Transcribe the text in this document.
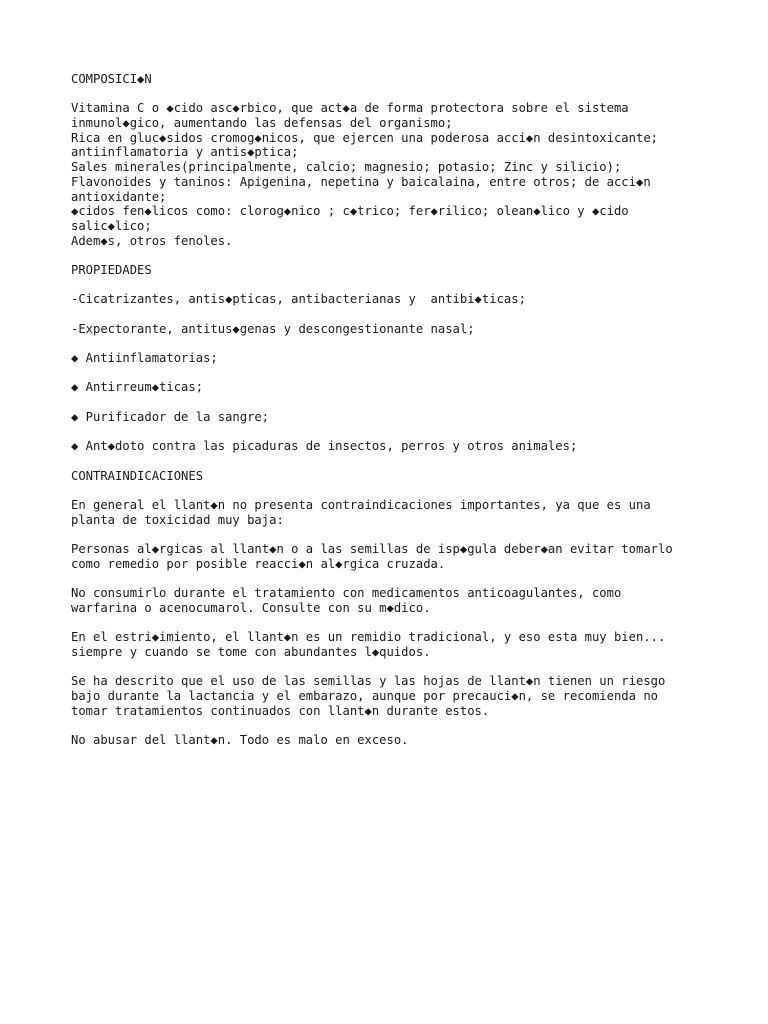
COMPOSICI◆N
Vitamina C o ◆cido asc◆rbico, que act◆a de forma protectora sobre el sistema
inmunol◆gico, aumentando las defensas del organismo;
Rica en gluc◆sidos cromog◆nicos, que ejercen una poderosa acci◆n desintoxicante;
antiinflamatoria y antis◆ptica;
Sales minerales(principalmente, calcio; magnesio; potasio; Zinc y silicio);
Flavonoides y taninos: Apigenina, nepetina y baicalaina, entre otros; de acci◆n
antioxidante;
◆cidos fen◆licos como: clorog◆nico ; c◆trico; fer◆rilico; olean◆lico y ◆cido
salic◆lico;
Adem◆s, otros fenoles.
PROPIEDADES
-Cicatrizantes, antis◆pticas, antibacterianas y  antibi◆ticas;
-Expectorante, antitus◆genas y descongestionante nasal;
◆ Antiinflamatorias;
◆ Antirreum◆ticas;
◆ Purificador de la sangre;
◆ Ant◆doto contra las picaduras de insectos, perros y otros animales;
CONTRAINDICACIONES
En general el llant◆n no presenta contraindicaciones importantes, ya que es una
planta de toxicidad muy baja:
Personas al◆rgicas al llant◆n o a las semillas de isp◆gula deber◆an evitar tomarlo
como remedio por posible reacci◆n al◆rgica cruzada.
No consumirlo durante el tratamiento con medicamentos anticoagulantes, como
warfarina o acenocumarol. Consulte con su m◆dico.
En el estri◆imiento, el llant◆n es un remidio tradicional, y eso esta muy bien...
siempre y cuando se tome con abundantes l◆quidos.
Se ha descrito que el uso de las semillas y las hojas de llant◆n tienen un riesgo
bajo durante la lactancia y el embarazo, aunque por precauci◆n, se recomienda no
tomar tratamientos continuados con llant◆n durante estos.
No abusar del llant◆n. Todo es malo en exceso.
